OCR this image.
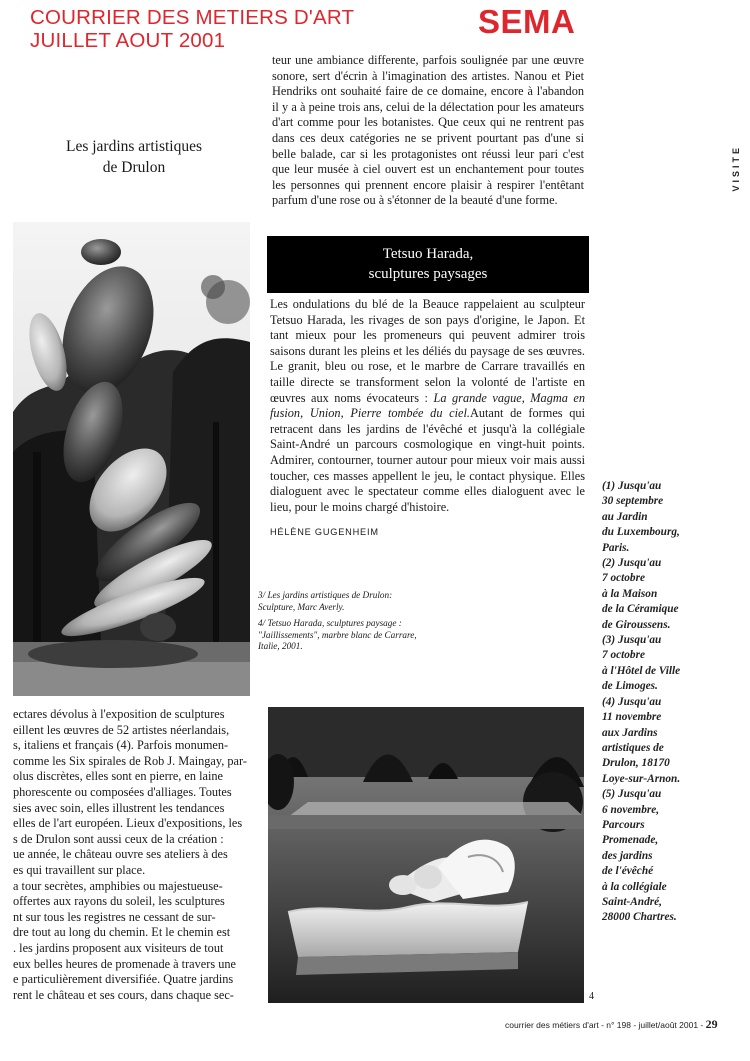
COURRIER DES METIERS D'ART
JUILLET AOUT 2001
SEMA
VISITE
Les jardins artistiques
de Drulon

teur une ambiance differente, parfois soulignée par une œuvre sonore, sert d'écrin à l'imagination des artistes. Nanou et Piet Hendriks ont souhaité faire de ce domaine, encore à l'abandon il y a à peine trois ans, celui de la délectation pour les amateurs d'art comme pour les botanistes. Que ceux qui ne rentrent pas dans ces deux catégories ne se privent pourtant pas d'une si belle balade, car si les protagonistes ont réussi leur pari c'est que leur musée à ciel ouvert est un enchantement pour toutes les personnes qui prennent encore plaisir à respirer l'entêtant parfum d'une rose ou à s'étonner de la beauté d'une forme.

Tetsuo Harada,
sculptures paysages

Les ondulations du blé de la Beauce rappelaient au sculpteur Tetsuo Harada, les rivages de son pays d'origine, le Japon. Et tant mieux pour les promeneurs qui peuvent admirer trois saisons durant les pleins et les déliés du paysage de ses œuvres. Le granit, bleu ou rose, et le marbre de Carrare travaillés en taille directe se transforment selon la volonté de l'artiste en œuvres aux noms évocateurs : La grande vague, Magma en fusion, Union, Pierre tombée du ciel.Autant de formes qui retracent dans les jardins de l'évêché et jusqu'à la collégiale Saint-André un parcours cosmologique en vingt-huit points. Admirer, contourner, tourner autour pour mieux voir mais aussi toucher, ces masses appellent le jeu, le contact physique. Elles dialoguent avec le spectateur comme elles dialoguent avec le lieu, pour le moins chargé d'histoire.

HÉLÈNE GUGENHEIM
3/ Les jardins artistiques de Drulon:
Sculpture, Marc Averly.
4/ Tetsuo Harada, sculptures paysage :
"Jaillissements", marbre blanc de Carrare,
Italie, 2001.
(1) Jusqu'au
30 septembre
au Jardin
du Luxembourg,
Paris.
(2) Jusqu'au
7 octobre
à la Maison
de la Céramique
de Giroussens.
(3) Jusqu'au
7 octobre
à l'Hôtel de Ville
de Limoges.
(4) Jusqu'au
11 novembre
aux Jardins
artistiques de
Drulon, 18170
Loye-sur-Arnon.
(5) Jusqu'au
6 novembre,
Parcours
Promenade,
des jardins
de l'évêché
à la collégiale
Saint-André,
28000 Chartres.

ectares dévolus à l'exposition de sculptures

eillent les œuvres de 52 artistes néerlandais,

s, italiens et français (4). Parfois monumen-

comme les Six spirales de Rob J. Maingay, par-

olus discrètes, elles sont en pierre, en laine

phorescente ou composées d'alliages. Toutes

sies avec soin, elles illustrent les tendances

elles de l'art européen. Lieux d'expositions, les

s de Drulon sont aussi ceux de la création :

ue année, le château ouvre ses ateliers à des

es qui travaillent sur place.

a tour secrètes, amphibies ou majestueuse-

offertes aux rayons du soleil, les sculptures

nt sur tous les registres ne cessant de sur-

dre tout au long du chemin. Et le chemin est

. les jardins proposent aux visiteurs de tout

eux belles heures de promenade à travers une

e particulièrement diversifiée. Quatre jardins

rent le château et ses cours, dans chaque sec-	4
courrier des métiers d'art - n° 198 - juillet/août 2001 - 29
